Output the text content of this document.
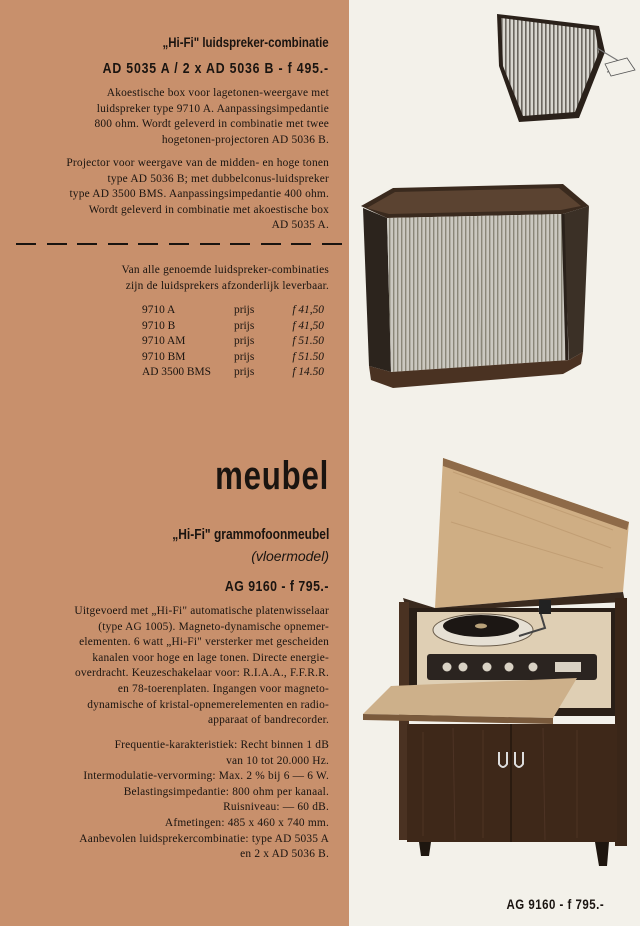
„Hi-Fi" luidspreker-combinatie
AD 5035 A / 2 x AD 5036 B - f 495.-
Akoestische box voor lagetonen-weergave met
luidspreker type 9710 A. Aanpassingsimpedantie
800 ohm. Wordt geleverd in combinatie met twee
hogetonen-projectoren AD 5036 B.
Projector voor weergave van de midden- en hoge tonen
type AD 5036 B; met dubbelconus-luidspreker
type AD 3500 BMS. Aanpassingsimpedantie 400 ohm.
Wordt geleverd in combinatie met akoestische box
AD 5035 A.
Van alle genoemde luidspreker-combinaties
zijn de luidsprekers afzonderlijk leverbaar.
9710 A	prijs	f 41,50
9710 B	prijs	f 41,50
9710 AM	prijs	f 51.50
9710 BM	prijs	f 51.50
AD 3500 BMS	prijs	f 14.50
meubel
„Hi-Fi" grammofoonmeubel
(vloermodel)
AG 9160 - f 795.-
Uitgevoerd met „Hi-Fi" automatische platenwisselaar
(type AG 1005). Magneto-dynamische opnemer-
elementen. 6 watt „Hi-Fi" versterker met gescheiden
kanalen voor hoge en lage tonen. Directe energie-
overdracht. Keuzeschakelaar voor: R.I.A.A., F.F.R.R.
en 78-toerenplaten. Ingangen voor magneto-
dynamische of kristal-opnemerelementen en radio-
apparaat of bandrecorder.
Frequentie-karakteristiek: Recht binnen 1 dB
van 10 tot 20.000 Hz.
Intermodulatie-vervorming: Max. 2 % bij 6 — 6 W.
Belastingsimpedantie: 800 ohm per kanaal.
Ruisniveau: — 60 dB.
Afmetingen: 485 x 460 x 740 mm.
Aanbevolen luidsprekercombinatie: type AD 5035 A
en 2 x AD 5036 B.
AG 9160 - f 795.-
